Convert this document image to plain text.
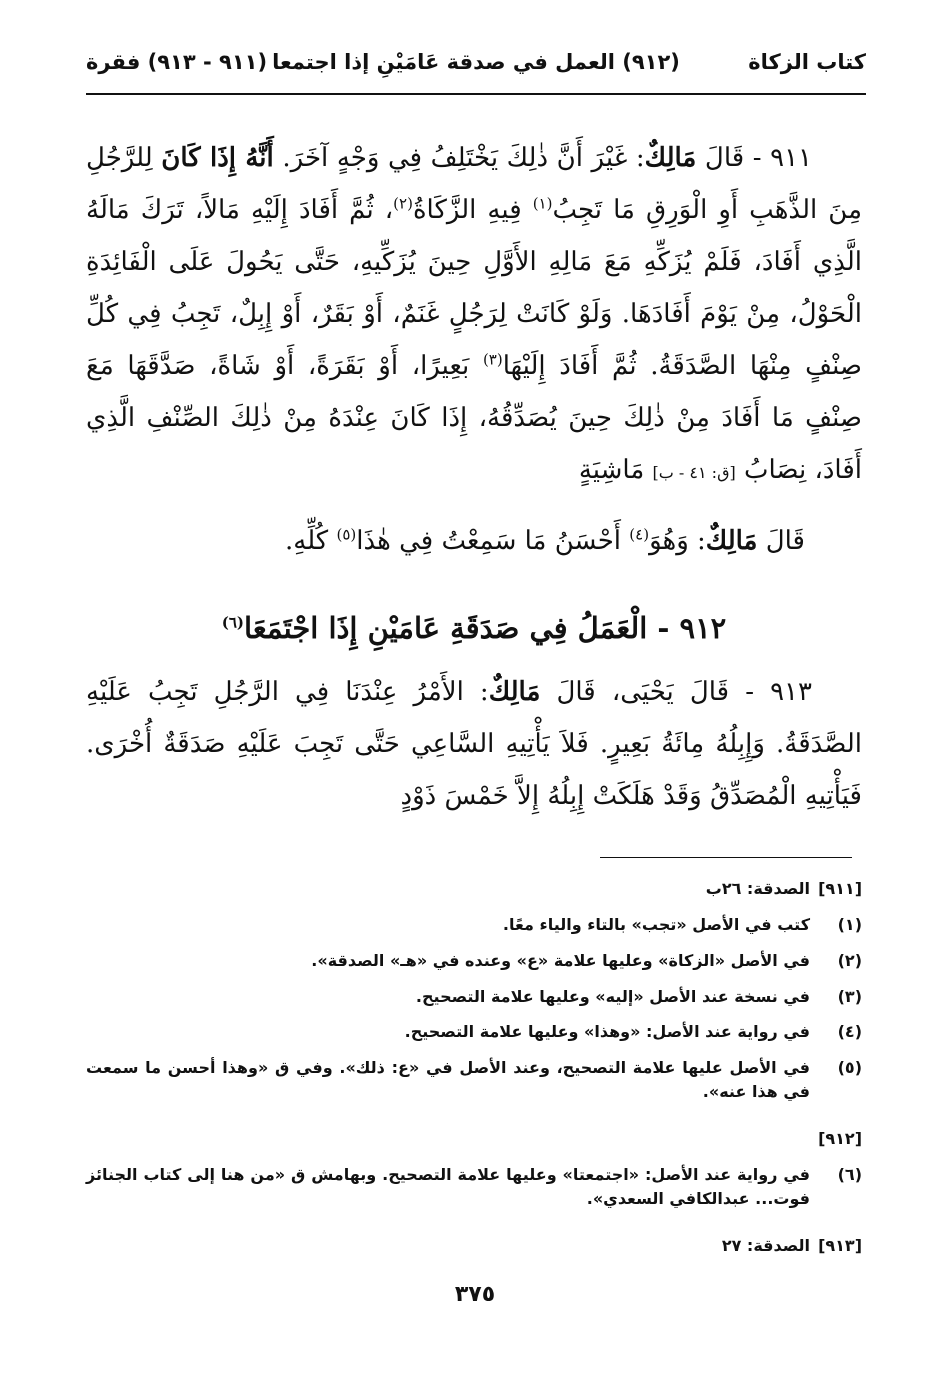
كتاب الزكاة
(٩١٢) العمل في صدقة عَامَيْنِ إذا اجتمعا
(٩١١ - ٩١٣) فقرة
٩١١ - قَالَ مَالِكٌ: غَيْرَ أَنَّ ذٰلِكَ يَخْتَلِفُ فِي وَجْهٍ آخَرَ. أَنَّهُ إِذَا كَانَ لِلرَّجُلِ مِنَ الذَّهَبِ أَوِ الْوَرِقِ مَا تَجِبُ$^{(١)}$ فِيهِ الزَّكَاةُ$^{(٢)}$، ثُمَّ أَفَادَ إِلَيْهِ مَالاً، تَرَكَ مَالَهُ الَّذِي أَفَادَ، فَلَمْ يُزَكِّهِ مَعَ مَالِهِ الأَوَّلِ حِينَ يُزَكِّيهِ، حَتَّى يَحُولَ عَلَى الْفَائِدَةِ الْحَوْلُ، مِنْ يَوْمَ أَفَادَهَا. وَلَوْ كَانَتْ لِرَجُلٍ غَنَمٌ، أَوْ بَقَرٌ، أَوْ إِبِلٌ، تَجِبُ فِي كُلِّ صِنْفٍ مِنْهَا الصَّدَقَةُ. ثُمَّ أَفَادَ إِلَيْهَا$^{(٣)}$ بَعِيرًا، أَوْ بَقَرَةً، أَوْ شَاةً، صَدَّقَهَا مَعَ صِنْفٍ مَا أَفَادَ مِنْ ذٰلِكَ حِينَ يُصَدِّقُهُ، إِذَا كَانَ عِنْدَهُ مِنْ ذٰلِكَ الصِّنْفِ الَّذِي أَفَادَ، نِصَابُ [ق: ٤١ - ب] مَاشِيَةٍ
قَالَ مَالِكٌ: وَهُوَ$^{(٤)}$ أَحْسَنُ مَا سَمِعْتُ فِي هٰذَا$^{(٥)}$ كُلِّهِ.
٩١٢ - الْعَمَلُ فِي صَدَقَةِ عَامَيْنِ إِذَا اجْتَمَعَا$^{(٦)}$
٩١٣ - قَالَ يَحْيَى، قَالَ مَالِكٌ: الأَمْرُ عِنْدَنَا فِي الرَّجُلِ تَجِبُ عَلَيْهِ الصَّدَقَةُ. وَإِبِلُهُ مِائَةُ بَعِيرٍ. فَلاَ يَأْتِيهِ السَّاعِي حَتَّى تَجِبَ عَلَيْهِ صَدَقَةٌ أُخْرَى. فَيَأْتِيهِ الْمُصَدِّقُ وَقَدْ هَلَكَتْ إِبِلُهُ إِلاَّ خَمْسَ ذَوْدٍ
[٩١١]
الصدقة: ٢٦ب
(١)
كتب في الأصل «تجب» بالتاء والياء معًا.
(٢)
في الأصل «الزكاة» وعليها علامة «ع» وعنده في «هـ» الصدقة».
(٣)
في نسخة عند الأصل «إليه» وعليها علامة التصحيح.
(٤)
في رواية عند الأصل: «وهذا» وعليها علامة التصحيح.
(٥)
في الأصل عليها علامة التصحيح، وعند الأصل في «ع: ذلك». وفي ق «وهذا أحسن ما سمعت في هذا عنه».
[٩١٢]
(٦)
في رواية عند الأصل: «اجتمعتا» وعليها علامة التصحيح. وبهامش ق «من هنا إلى كتاب الجنائز فوت... عبدالكافي السعدي».
[٩١٣]
الصدقة: ٢٧
٣٧٥
